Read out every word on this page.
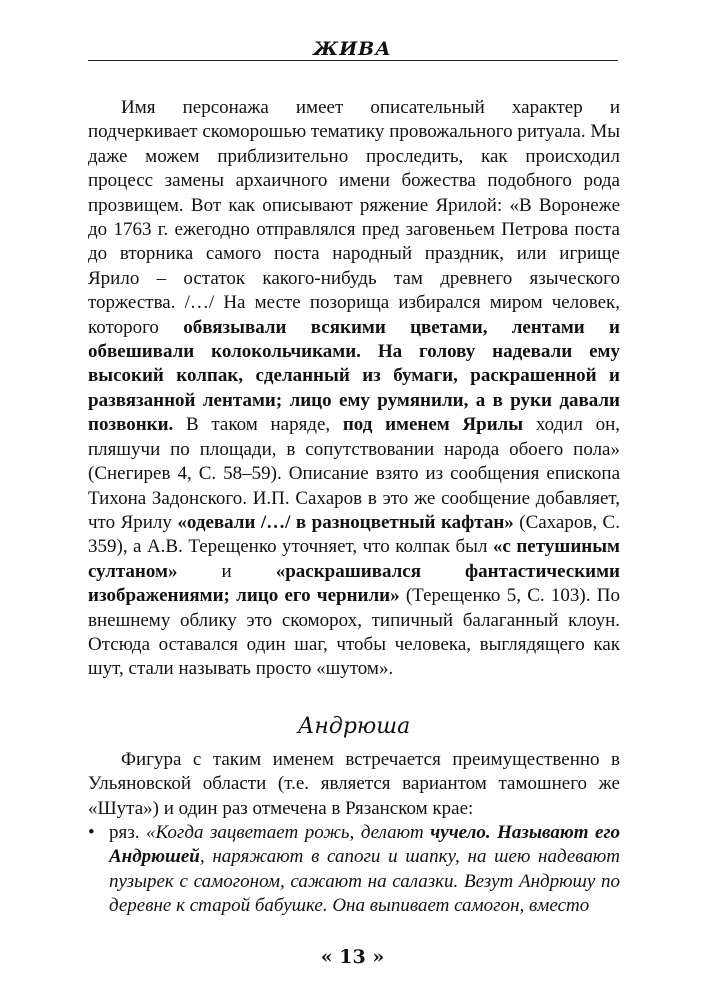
ЖИВА

Имя персонажа имеет описательный характер и подчеркивает скоморошью тематику провожального ритуала. Мы даже можем приблизительно проследить, как происходил процесс замены архаичного имени божества подобного рода прозвищем. Вот как описывают ряжение Ярилой: «В Воронеже до 1763 г. ежегодно отправлялся пред заговеньем Петрова поста до вторника самого поста народный праздник, или игрище Ярило – остаток какого-нибудь там древнего языческого торжества. /…/ На месте позорища избирался миром человек, которого обвязывали всякими цветами, лентами и обвешивали колокольчиками. На голову надевали ему высокий колпак, сделанный из бумаги, раскрашенной и развязанной лентами; лицо ему румянили, а в руки давали позвонки. В таком наряде, под именем Ярилы ходил он, пляшучи по площади, в сопутствовании народа обоего пола» (Снегирев 4, С. 58–59). Описание взято из сообщения епископа Тихона Задонского. И.П. Сахаров в это же сообщение добавляет, что Ярилу «одевали /…/ в разноцветный кафтан» (Сахаров, С. 359), а А.В. Терещенко уточняет, что колпак был «с петушиным султаном» и «раскрашивался фантастическими изображениями; лицо его чернили» (Терещенко 5, С. 103). По внешнему облику это скоморох, типичный балаганный клоун. Отсюда оставался один шаг, чтобы человека, выглядящего как шут, стали называть просто «шутом».

Андрюша

Фигура с таким именем встречается преимущественно в Ульяновской области (т.е. является вариантом тамошнего же «Шута») и один раз отмечена в Рязанском крае:

• ряз. «Когда зацветает рожь, делают чучело. Называют его Андрюшей, наряжают в сапоги и шапку, на шею надевают пузырек с самогоном, сажают на салазки. Везут Андрюшу по деревне к старой бабушке. Она выпивает самогон, вместо
« 13 »
